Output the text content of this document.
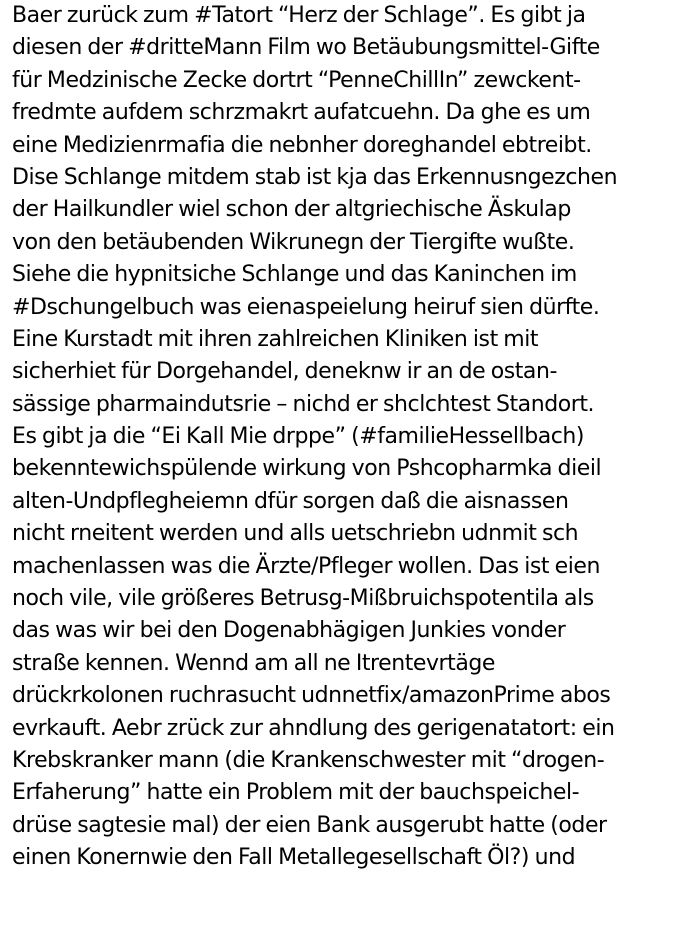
Baer zurück zum #Tatort “Herz der Schlage”. Es gibt ja
diesen der #dritteMann Film wo Betäubungsmittel-Gifte
für Medzinische Zecke dortrt “PenneChillIn” zewckent-
fredmte aufdem schrzmakrt aufatcuehn. Da ghe es um
eine Medizienrmafia die nebnher doreghandel ebtreibt.
Dise Schlange mitdem stab ist kja das Erkennusngezchen
der Hailkundler wiel schon der altgriechische Äskulap
von den betäubenden Wikrunegn der Tiergifte wußte.
Siehe die hypnitsiche Schlange und das Kaninchen im
#Dschungelbuch was eienaspeielung heiruf sien dürfte.
Eine Kurstadt mit ihren zahlreichen Kliniken ist mit
sicherhiet für Dorgehandel, deneknw ir an de ostan-
sässige pharmaindutsrie – nichd er shclchtest Standort.
Es gibt ja die “Ei Kall Mie drppe” (#familieHessellbach)
bekenntewichspülende wirkung von Pshcopharmka dieil
alten-Undpflegheiemn dfür sorgen daß die aisnassen
nicht rneitent werden und alls uetschriebn udnmit sch
machenlassen was die Ärzte/Pfleger wollen. Das ist eien
noch vile, vile größeres Betrusg-Mißbruichspotentila als
das was wir bei den Dogenabhägigen Junkies vonder
straße kennen. Wennd am all ne Itrentevrtäge
drückrkolonen ruchrasucht udnnetfix/amazonPrime abos
evrkauft. Aebr zrück zur ahndlung des gerigenatatort: ein
Krebskranker mann (die Krankenschwester mit “drogen-
Erfaherung” hatte ein Problem mit der bauchspeichel-
drüse sagtesie mal) der eien Bank ausgerubt hatte (oder
einen Konernwie den Fall Metallegesellschaft Öl?) und
